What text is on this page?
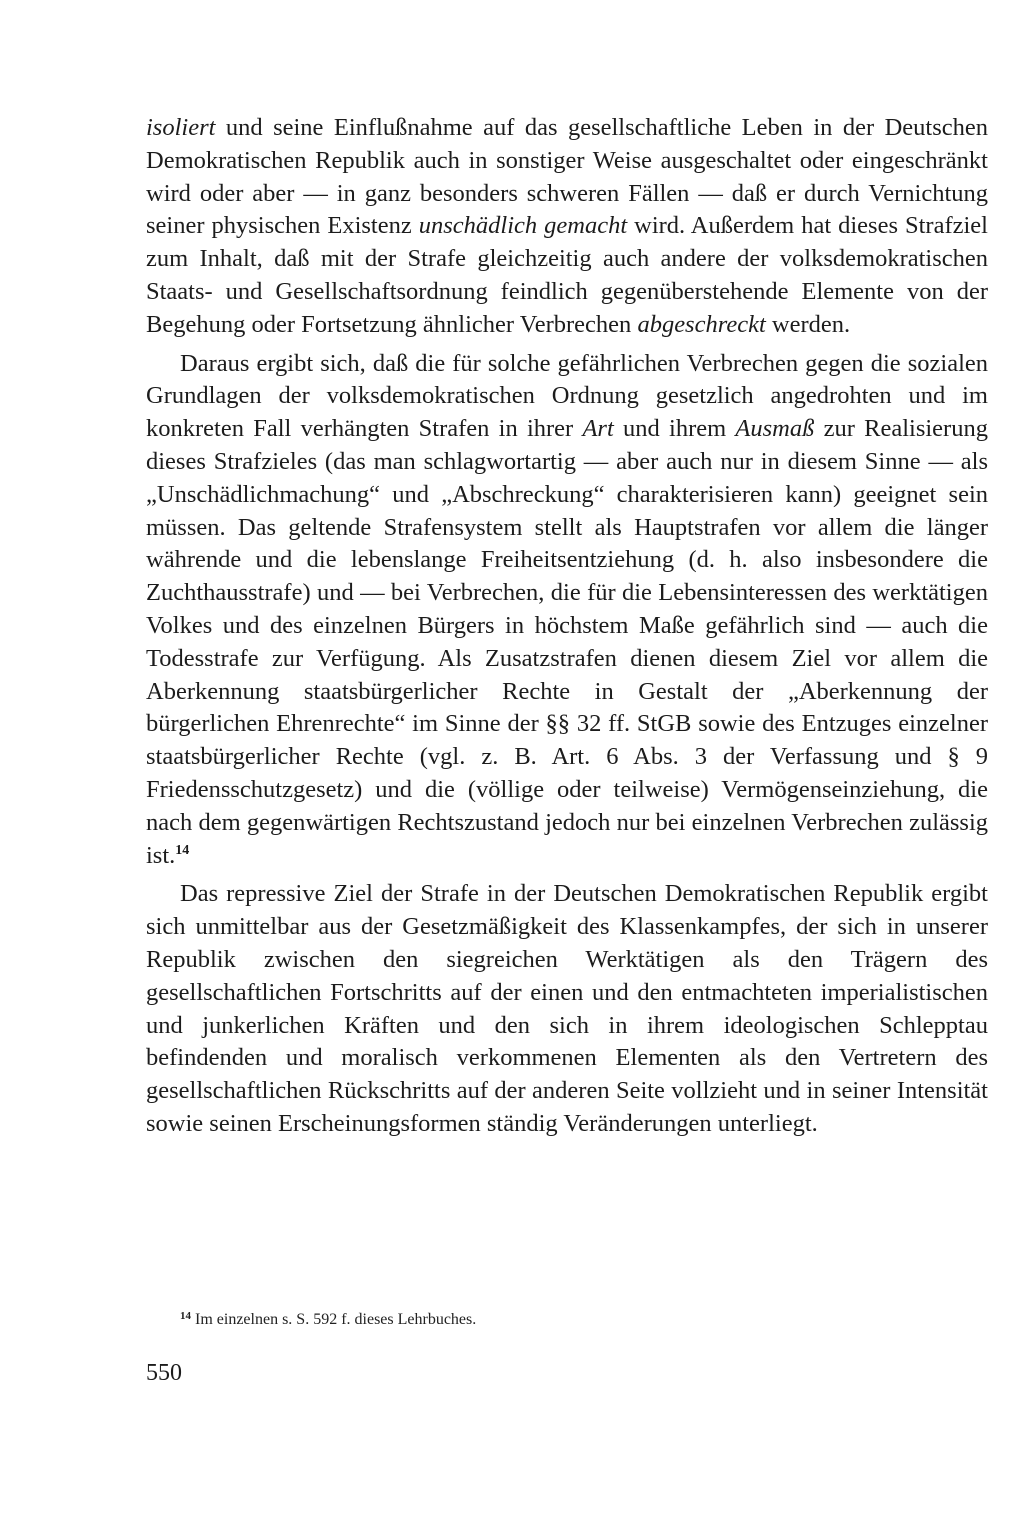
isoliert und seine Einflußnahme auf das gesellschaftliche Leben in der Deutschen Demokratischen Republik auch in sonstiger Weise ausgeschaltet oder eingeschränkt wird oder aber — in ganz besonders schweren Fällen — daß er durch Vernichtung seiner physischen Existenz unschädlich gemacht wird. Außerdem hat dieses Strafziel zum Inhalt, daß mit der Strafe gleichzeitig auch andere der volksdemokratischen Staats- und Gesellschaftsordnung feindlich gegenüberstehende Elemente von der Begehung oder Fortsetzung ähnlicher Verbrechen abgeschreckt werden.

Daraus ergibt sich, daß die für solche gefährlichen Verbrechen gegen die sozialen Grundlagen der volksdemokratischen Ordnung gesetzlich angedrohten und im konkreten Fall verhängten Strafen in ihrer Art und ihrem Ausmaß zur Realisierung dieses Strafzieles (das man schlagwortartig — aber auch nur in diesem Sinne — als „Unschädlichmachung“ und „Abschreckung“ charakterisieren kann) geeignet sein müssen. Das geltende Strafensystem stellt als Hauptstrafen vor allem die länger währende und die lebenslange Freiheitsentziehung (d. h. also insbesondere die Zuchthausstrafe) und — bei Verbrechen, die für die Lebensinteressen des werktätigen Volkes und des einzelnen Bürgers in höchstem Maße gefährlich sind — auch die Todesstrafe zur Verfügung. Als Zusatzstrafen dienen diesem Ziel vor allem die Aberkennung staatsbürgerlicher Rechte in Gestalt der „Aberkennung der bürgerlichen Ehrenrechte“ im Sinne der §§ 32 ff. StGB sowie des Entzuges einzelner staatsbürgerlicher Rechte (vgl. z. B. Art. 6 Abs. 3 der Verfassung und § 9 Friedensschutzgesetz) und die (völlige oder teilweise) Vermögenseinziehung, die nach dem gegenwärtigen Rechtszustand jedoch nur bei einzelnen Verbrechen zulässig ist.$^{14}$

Das repressive Ziel der Strafe in der Deutschen Demokratischen Republik ergibt sich unmittelbar aus der Gesetzmäßigkeit des Klassenkampfes, der sich in unserer Republik zwischen den siegreichen Werktätigen als den Trägern des gesellschaftlichen Fortschritts auf der einen und den entmachteten imperialistischen und junkerlichen Kräften und den sich in ihrem ideologischen Schlepptau befindenden und moralisch verkommenen Elementen als den Vertretern des gesellschaftlichen Rückschritts auf der anderen Seite vollzieht und in seiner Intensität sowie seinen Erscheinungsformen ständig Veränderungen unterliegt.

$^{14}$ Im einzelnen s. S. 592 f. dieses Lehrbuches.

550
